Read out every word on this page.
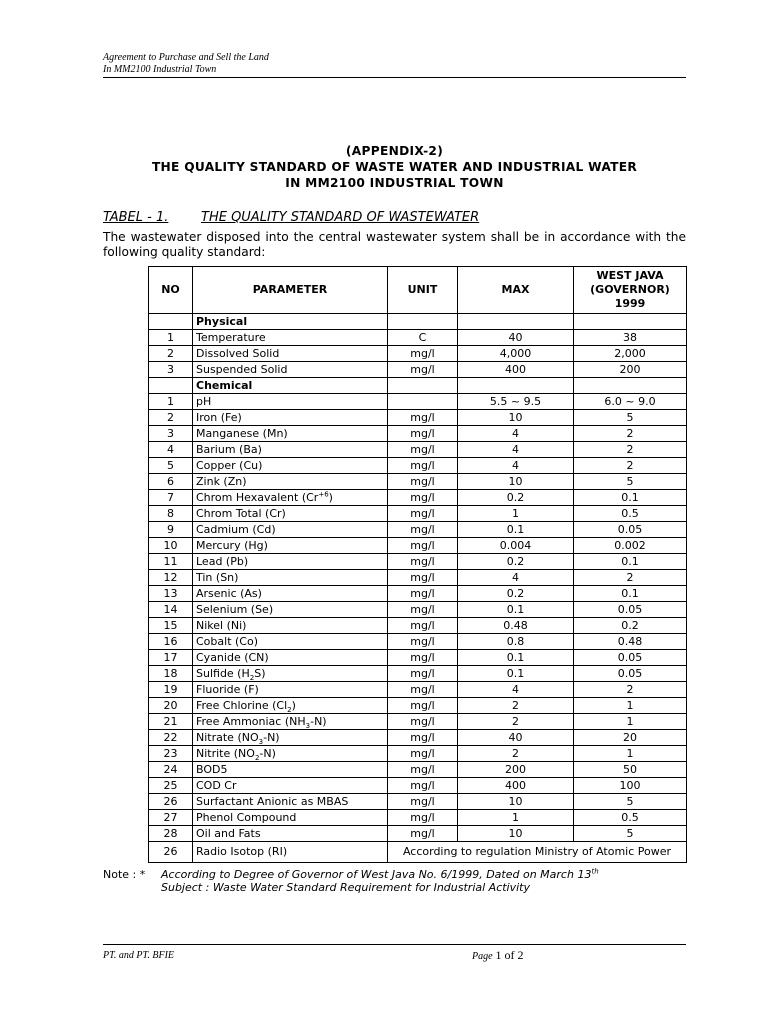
Agreement to Purchase and Sell the Land
In MM2100 Industrial Town
(APPENDIX-2)
THE QUALITY STANDARD OF WASTE WATER AND INDUSTRIAL WATER
IN MM2100 INDUSTRIAL TOWN
TABEL - 1.	THE QUALITY STANDARD OF WASTEWATER
The wastewater disposed into the central wastewater system shall be in accordance with the following quality standard:
NO	PARAMETER	UNIT	MAX	WEST JAVA
(GOVERNOR)
1999

	Physical			
1	Temperature	C	40	38
2	Dissolved Solid	mg/l	4,000	2,000
3	Suspended Solid	mg/l	400	200
	Chemical			
1	pH		5.5 ~ 9.5	6.0 ~ 9.0
2	Iron (Fe)	mg/l	10	5
3	Manganese (Mn)	mg/l	4	2
4	Barium (Ba)	mg/l	4	2
5	Copper (Cu)	mg/l	4	2
6	Zink (Zn)	mg/l	10	5
7	Chrom Hexavalent $(Cr^{+6})$	mg/l	0.2	0.1
8	Chrom Total (Cr)	mg/l	1	0.5
9	Cadmium (Cd)	mg/l	0.1	0.05
10	Mercury (Hg)	mg/l	0.004	0.002
11	Lead (Pb)	mg/l	0.2	0.1
12	Tin (Sn)	mg/l	4	2
13	Arsenic (As)	mg/l	0.2	0.1
14	Selenium (Se)	mg/l	0.1	0.05
15	Nikel (Ni)	mg/l	0.48	0.2
16	Cobalt (Co)	mg/l	0.8	0.48
17	Cyanide (CN)	mg/l	0.1	0.05
18	Sulfide $(H_2S)$	mg/l	0.1	0.05
19	Fluoride (F)	mg/l	4	2
20	Free Chlorine $(Cl_2)$	mg/l	2	1
21	Free Ammoniac $(NH_3-N)$	mg/l	2	1
22	Nitrate $(NO_3-N)$	mg/l	40	20
23	Nitrite $(NO_2-N)$	mg/l	2	1
24	BOD5	mg/l	200	50
25	COD Cr	mg/l	400	100
26	Surfactant Anionic as MBAS	mg/l	10	5
27	Phenol Compound	mg/l	1	0.5
28	Oil and Fats	mg/l	10	5
26	Radio Isotop (RI)	According to regulation Ministry of Atomic Power		
Note : * According to Degree of Governor of West Java No. 6/1999, Dated on March 13th
Subject : Waste Water Standard Requirement for Industrial Activity
PT. and PT. BFIE	Page 1 of 2
